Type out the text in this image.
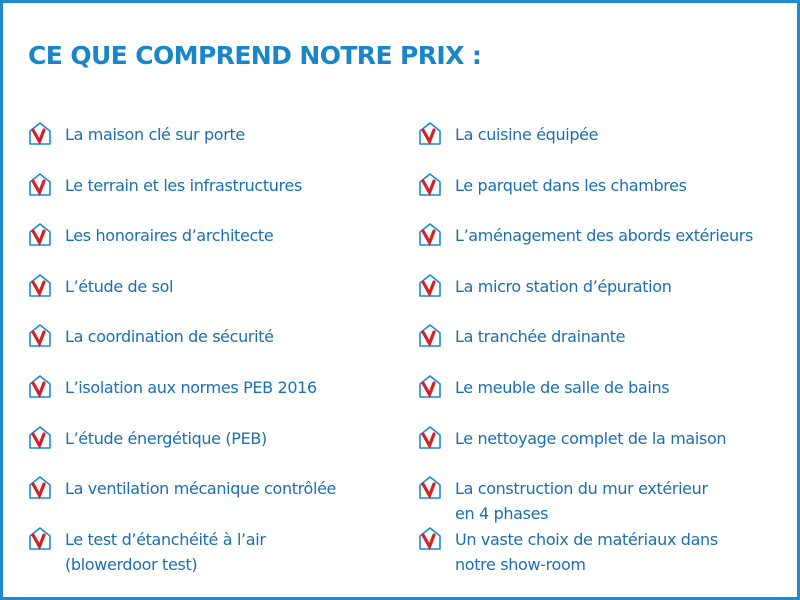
CE QUE COMPREND NOTRE PRIX :
La maison clé sur porte
Le terrain et les infrastructures
Les honoraires d’architecte
L’étude de sol
La coordination de sécurité
L’isolation aux normes PEB 2016
L’étude énergétique (PEB)
La ventilation mécanique contrôlée
Le test d’étanchéité à l’air
(blowerdoor test)
La cuisine équipée
Le parquet dans les chambres
L’aménagement des abords extérieurs
La micro station d’épuration
La tranchée drainante
Le meuble de salle de bains
Le nettoyage complet de la maison
La construction du mur extérieur
en 4 phases
Un vaste choix de matériaux dans
notre show-room
